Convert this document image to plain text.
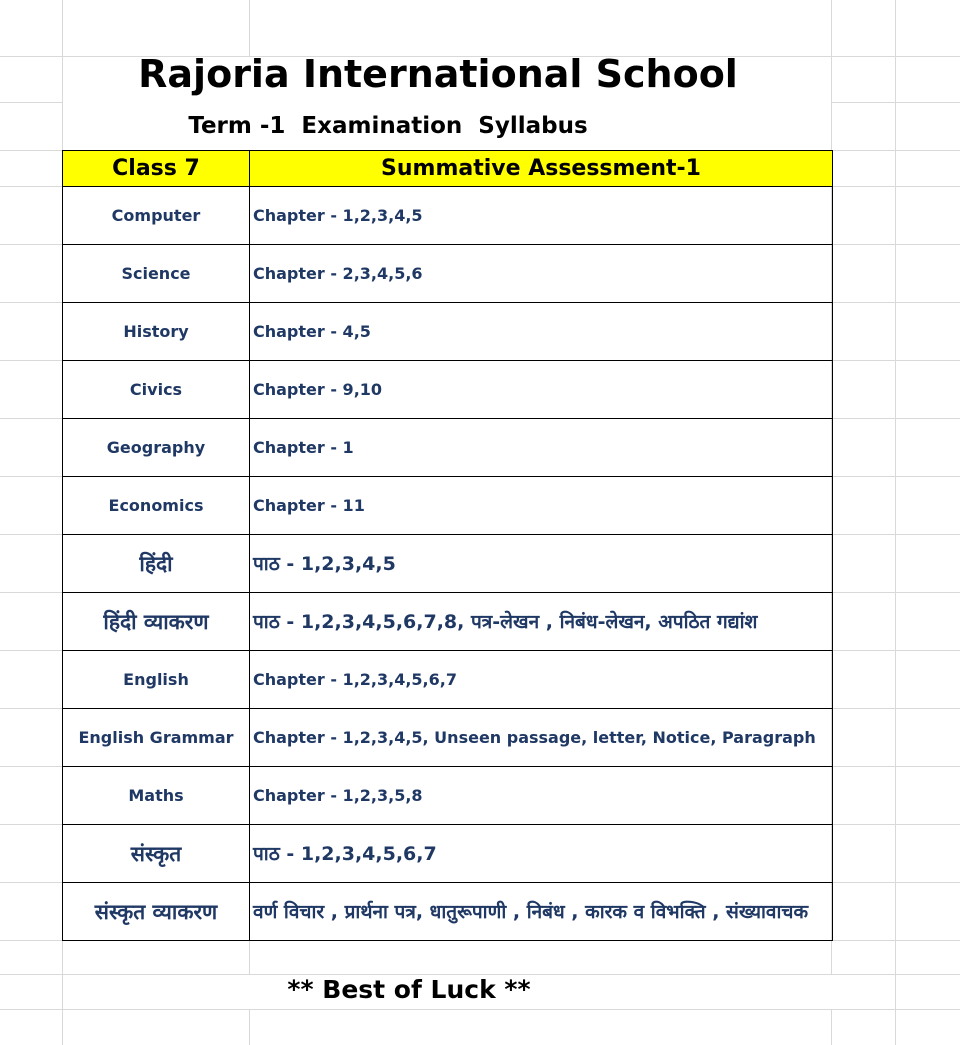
Rajoria International School
Term -1  Examination  Syllabus
Class 7	Summative Assessment-1
Computer	Chapter - 1,2,3,4,5
Science	Chapter - 2,3,4,5,6
History	Chapter - 4,5
Civics	Chapter - 9,10
Geography	Chapter - 1
Economics	Chapter - 11
हिंदी	पाठ - 1,2,3,4,5
हिंदी व्याकरण	पाठ - 1,2,3,4,5,6,7,8, पत्र-लेखन , निबंध-लेखन, अपठित गद्यांश
English	Chapter - 1,2,3,4,5,6,7
English Grammar	Chapter - 1,2,3,4,5, Unseen passage, letter, Notice, Paragraph
Maths	Chapter - 1,2,3,5,8
संस्कृत	पाठ - 1,2,3,4,5,6,7
संस्कृत व्याकरण	वर्ण विचार , प्रार्थना पत्र, धातुरूपाणी , निबंध , कारक व विभक्ति , संख्यावाचक
** Best of Luck **
